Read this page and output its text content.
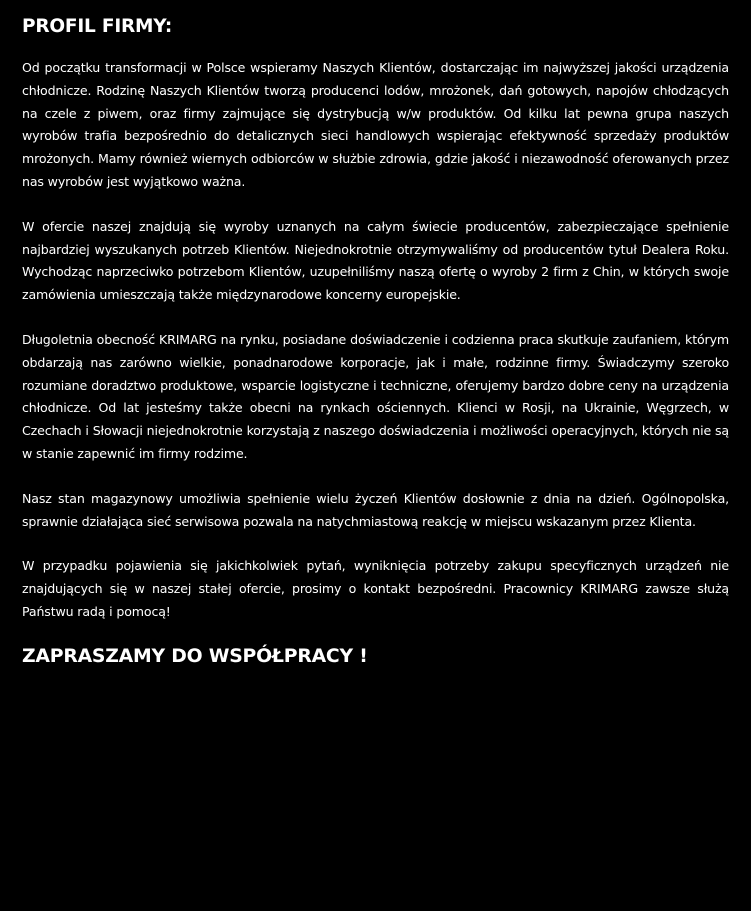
PROFIL FIRMY:

Od początku transformacji w Polsce wspieramy Naszych Klientów, dostarczając im najwyższej jakości urządzenia chłodnicze. Rodzinę Naszych Klientów tworzą producenci lodów, mrożonek, dań gotowych, napojów chłodzących na czele z piwem, oraz firmy zajmujące się dystrybucją w/w produktów. Od kilku lat pewna grupa naszych wyrobów trafia bezpośrednio do detalicznych sieci handlowych wspierając efektywność sprzedaży produktów mrożonych. Mamy również wiernych odbiorców w służbie zdrowia, gdzie jakość i niezawodność oferowanych przez nas wyrobów jest wyjątkowo ważna.

W ofercie naszej znajdują się wyroby uznanych na całym świecie producentów, zabezpieczające spełnienie najbardziej wyszukanych potrzeb Klientów. Niejednokrotnie otrzymywaliśmy od producentów tytuł Dealera Roku. Wychodząc naprzeciwko potrzebom Klientów, uzupełniliśmy naszą ofertę o wyroby 2 firm z Chin, w których swoje zamówienia umieszczają także międzynarodowe koncerny europejskie.

Długoletnia obecność KRIMARG na rynku, posiadane doświadczenie i codzienna praca skutkuje zaufaniem, którym obdarzają nas zarówno wielkie, ponadnarodowe korporacje, jak i małe, rodzinne firmy. Świadczymy szeroko rozumiane doradztwo produktowe, wsparcie logistyczne i techniczne, oferujemy bardzo dobre ceny na urządzenia chłodnicze. Od lat jesteśmy także obecni na rynkach ościennych. Klienci w Rosji, na Ukrainie, Węgrzech, w Czechach i Słowacji niejednokrotnie korzystają z naszego doświadczenia i możliwości operacyjnych, których nie są w stanie zapewnić im firmy rodzime.

Nasz stan magazynowy umożliwia spełnienie wielu życzeń Klientów dosłownie z dnia na dzień. Ogólnopolska, sprawnie działająca sieć serwisowa pozwala na natychmiastową reakcję w miejscu wskazanym przez Klienta.

W przypadku pojawienia się jakichkolwiek pytań, wyniknięcia potrzeby zakupu specyficznych urządzeń nie znajdujących się w naszej stałej ofercie, prosimy o kontakt bezpośredni. Pracownicy KRIMARG zawsze służą Państwu radą i pomocą!

ZAPRASZAMY DO WSPÓŁPRACY !
